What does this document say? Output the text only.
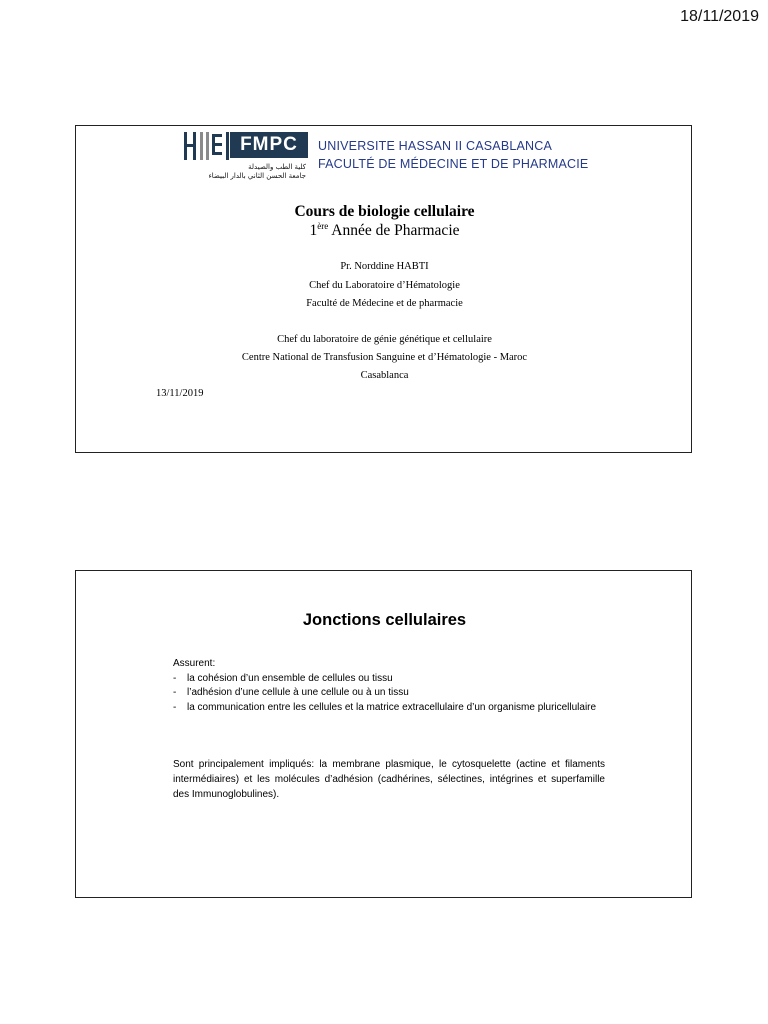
18/11/2019
FMPC
كلية الطب والصيدلة
جامعة الحسن الثاني بالدار البيضاء
UNIVERSITE HASSAN II CASABLANCA
FACULTÉ DE MÉDECINE ET DE PHARMACIE
Cours de biologie cellulaire
1ère Année de Pharmacie
Pr. Norddine HABTI
Chef du Laboratoire d’Hématologie
Faculté de Médecine et de pharmacie
Chef du laboratoire de génie génétique et cellulaire
Centre National de Transfusion Sanguine et d’Hématologie - Maroc
Casablanca
13/11/2019
Jonctions cellulaires
Assurent:
- la cohésion d’un ensemble de cellules ou tissu
- l’adhésion d’une cellule à une cellule ou à un tissu
- la communication entre les cellules et la matrice extracellulaire d’un organisme pluricellulaire
Sont principalement impliqués: la membrane plasmique, le cytosquelette (actine et filaments intermédiaires) et les molécules d’adhésion (cadhérines, sélectines, intégrines et superfamille des Immunoglobulines).
